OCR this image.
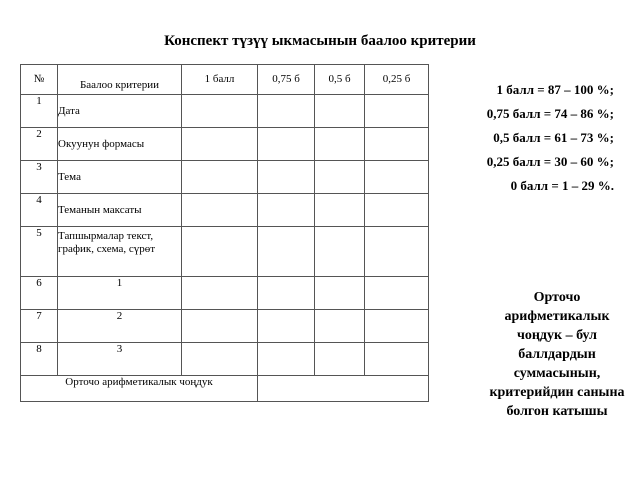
Конспект түзүү ыкмасынын баалоо критерии
№	Баалоо критерии	1 балл	0,75 б	0,5 б	0,25 б
1	Дата				
2	Окуунун формасы				
3	Тема				
4	Теманын максаты				
5	Тапшырмалар текст, график, схема, сүрөт				
6	1				
7	2				
8	3				
Орточо арифметикалык чоңдук					
1 балл = 87 – 100 %;
0,75 балл = 74 – 86 %;
0,5 балл = 61 – 73 %;
0,25 балл = 30 – 60 %;
0 балл = 1 – 29 %.
Орточо арифметикалык чоңдук – бул баллдардын суммасынын, критерийдин санына болгон катышы
